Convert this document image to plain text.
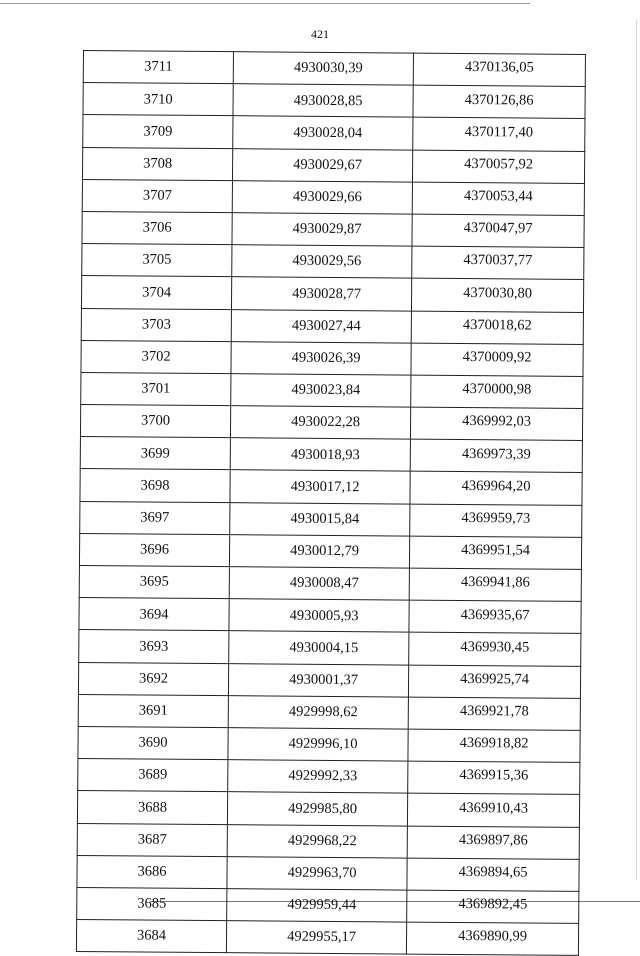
421
3711	4930030,39	4370136,05
3710	4930028,85	4370126,86
3709	4930028,04	4370117,40
3708	4930029,67	4370057,92
3707	4930029,66	4370053,44
3706	4930029,87	4370047,97
3705	4930029,56	4370037,77
3704	4930028,77	4370030,80
3703	4930027,44	4370018,62
3702	4930026,39	4370009,92
3701	4930023,84	4370000,98
3700	4930022,28	4369992,03
3699	4930018,93	4369973,39
3698	4930017,12	4369964,20
3697	4930015,84	4369959,73
3696	4930012,79	4369951,54
3695	4930008,47	4369941,86
3694	4930005,93	4369935,67
3693	4930004,15	4369930,45
3692	4930001,37	4369925,74
3691	4929998,62	4369921,78
3690	4929996,10	4369918,82
3689	4929992,33	4369915,36
3688	4929985,80	4369910,43
3687	4929968,22	4369897,86
3686	4929963,70	4369894,65
3685	4929959,44	4369892,45
3684	4929955,17	4369890,99
